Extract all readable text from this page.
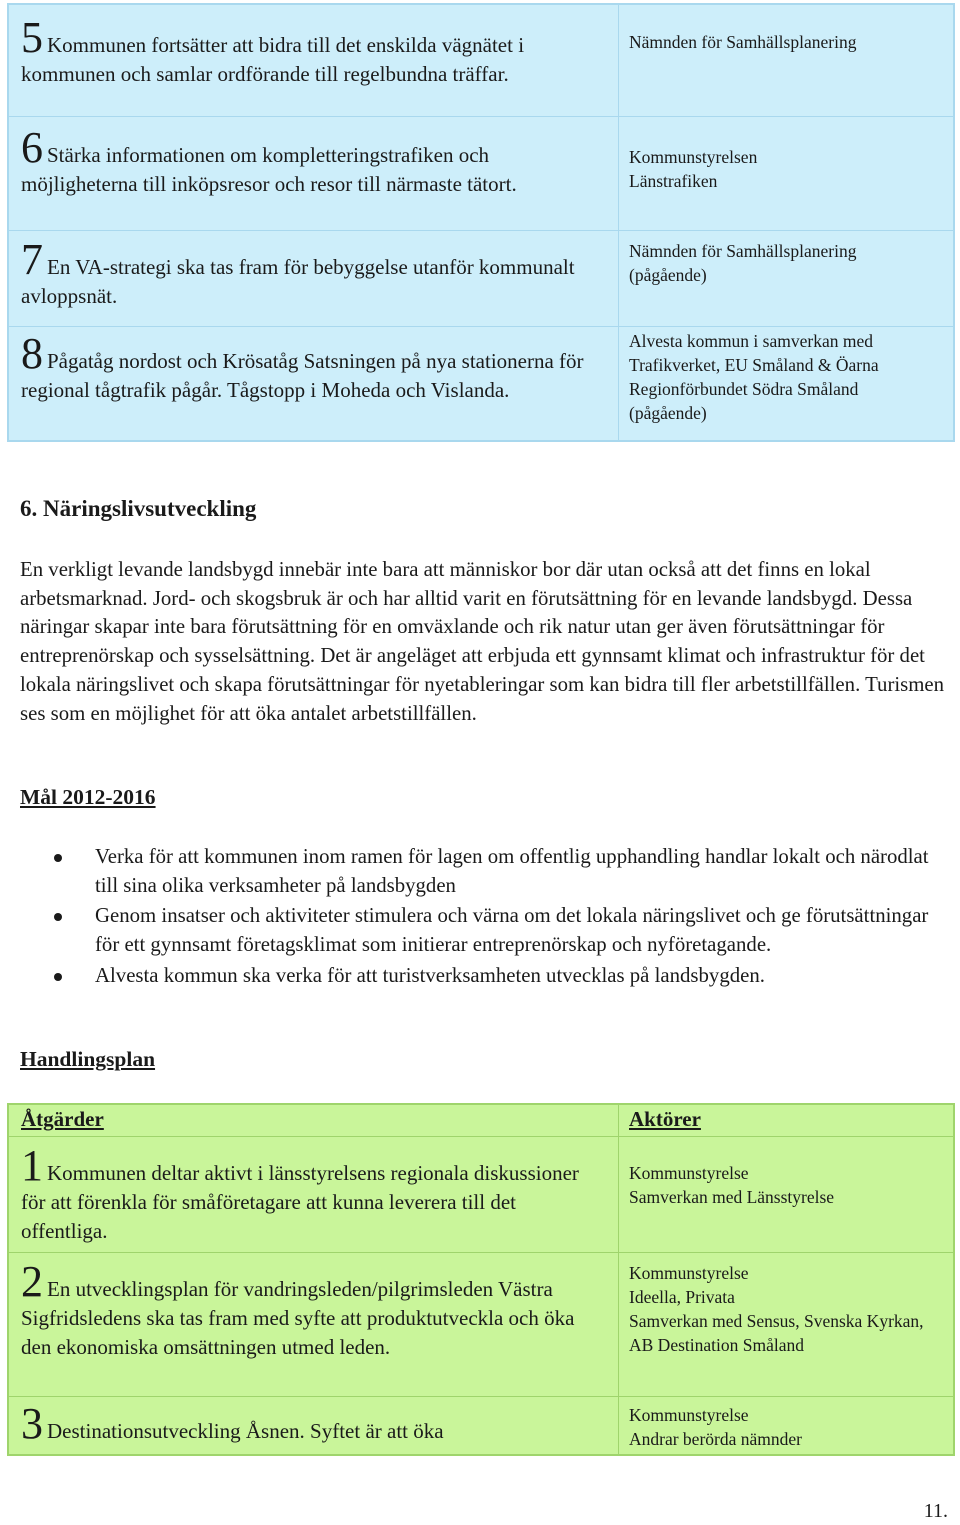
5 Kommunen fortsätter att bidra till det enskilda vägnätet i kommunen och samlar ordförande till regelbundna träffar.	Nämnden för Samhällsplanering

6 Stärka informationen om kompletteringstrafiken och möjligheterna till inköpsresor och resor till närmaste tätort.	Kommunstyrelsen
Länstrafiken

7 En VA-strategi ska tas fram för bebyggelse utanför kommunalt avloppsnät.	Nämnden för Samhällsplanering
(pågående)

8 Pågatåg nordost och Krösatåg Satsningen på nya stationerna för regional tågtrafik pågår. Tågstopp i Moheda och Vislanda.	Alvesta kommun i samverkan med
Trafikverket, EU Småland & Öarna
Regionförbundet Södra Småland
(pågående)
6. Näringslivsutveckling

En verkligt levande landsbygd innebär inte bara att människor bor där utan också att det finns en lokal arbetsmarknad. Jord- och skogsbruk är och har alltid varit en förutsättning för en levande landsbygd. Dessa näringar skapar inte bara förutsättning för en omväxlande och rik natur utan ger även förutsättningar för entreprenörskap och sysselsättning. Det är angeläget att erbjuda ett gynnsamt klimat och infrastruktur för det lokala näringslivet och skapa förutsättningar för nyetableringar som kan bidra till fler arbetstillfällen. Turismen ses som en möjlighet för att öka antalet arbetstillfällen.

Mål 2012-2016
Verka för att kommunen inom ramen för lagen om offentlig upphandling handlar lokalt och närodlat till sina olika verksamheter på landsbygden
Genom insatser och aktiviteter stimulera och värna om det lokala näringslivet och ge förutsättningar för ett gynnsamt företagsklimat som initierar entreprenörskap och nyföretagande.
Alvesta kommun ska verka för att turistverksamheten utvecklas på landsbygden.
Handlingsplan
Åtgärder	Aktörer

1 Kommunen deltar aktivt i länsstyrelsens regionala diskussioner för att förenkla för småföretagare att kunna leverera till det offentliga.	Kommunstyrelse
Samverkan med Länsstyrelse

2 En utvecklingsplan för vandringsleden/pilgrimsleden Västra Sigfridsledens ska tas fram med syfte att produktutveckla och öka den ekonomiska omsättningen utmed leden.	Kommunstyrelse
Ideella, Privata
Samverkan med Sensus, Svenska Kyrkan, AB Destination Småland

3 Destinationsutveckling Åsnen. Syftet är att öka	Kommunstyrelse
Andrar berörda nämnder
11.
